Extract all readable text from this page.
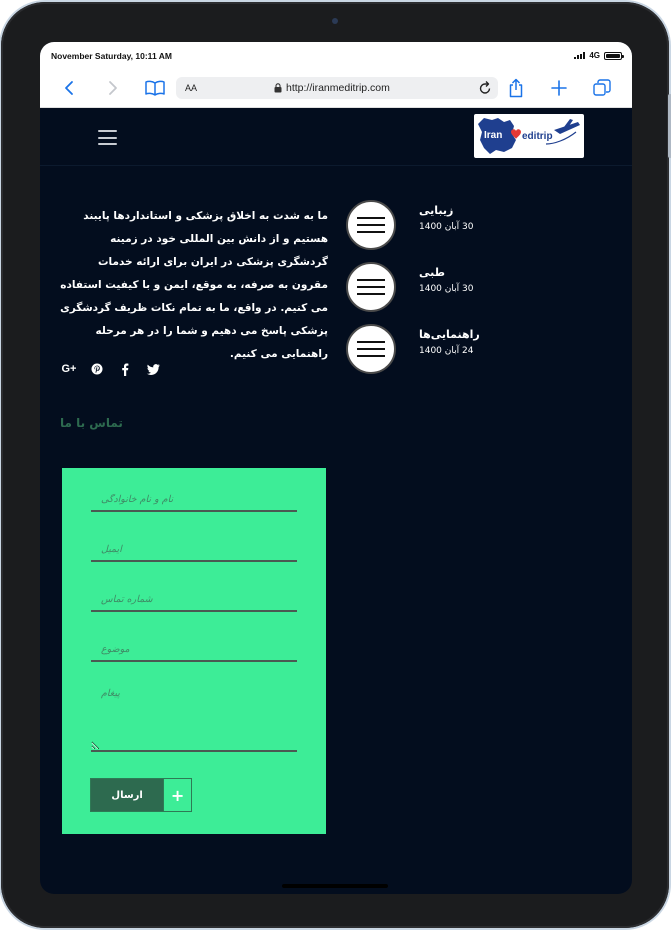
November Saturday, 10:11 AM	4G
AA	http://iranmeditrip.com
Iran editrip
زیبایی
30 آبان 1400
طبی
30 آبان 1400
راهنمایی‌ها
24 آبان 1400

ما به شدت به اخلاق پزشکی و استانداردها پایبند هستیم و از دانش بین المللی خود در زمینه گردشگری پزشکی در ایران برای ارائه خدمات مقرون به صرفه، به موقع، ایمن و با کیفیت استفاده می کنیم. در واقع، ما به تمام نکات ظریف گردشگری پزشکی پاسخ می دهیم و شما را در هر مرحله راهنمایی می کنیم.

G+
تماس با ما
نام و نام خانوادگی
ایمیل
شماره تماس
موضوع
پیغام
ارسال	+
